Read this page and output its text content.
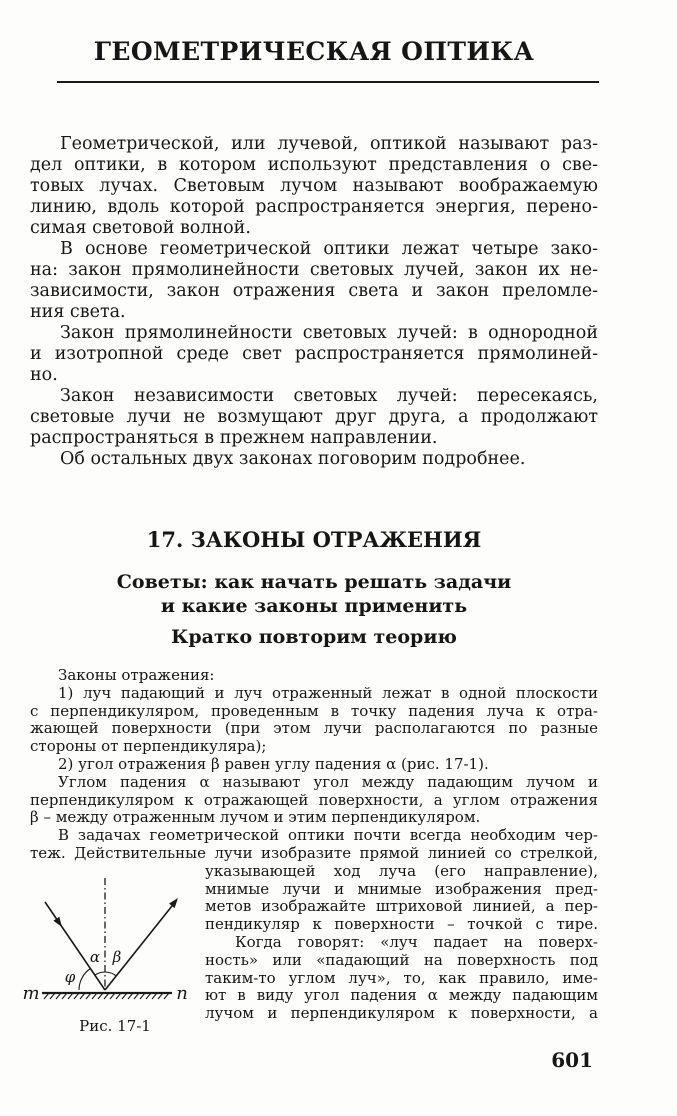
ГЕОМЕТРИЧЕСКАЯ ОПТИКА
Геометрической, или лучевой, оптикой называют раз-
дел оптики, в котором используют представления о све-
товых лучах. Световым лучом называют воображаемую
линию, вдоль которой распространяется энергия, перено-
симая световой волной.
В основе геометрической оптики лежат четыре зако-
на: закон прямолинейности световых лучей, закон их не-
зависимости, закон отражения света и закон преломле-
ния света.
Закон прямолинейности световых лучей: в однородной
и изотропной среде свет распространяется прямолиней-
но.
Закон независимости световых лучей: пересекаясь,
световые лучи не возмущают друг друга, а продолжают
распространяться в прежнем направлении.
Об остальных двух законах поговорим подробнее.
17. ЗАКОНЫ ОТРАЖЕНИЯ
Советы: как начать решать задачи
и какие законы применить
Кратко повторим теорию
Законы отражения:
1) луч падающий и луч отраженный лежат в одной плоскости
с перпендикуляром, проведенным в точку падения луча к отра-
жающей поверхности (при этом лучи располагаются по разные
стороны от перпендикуляра);
2) угол отражения β равен углу падения α (рис. 17-1).
Углом падения α называют угол между падающим лучом и
перпендикуляром к отражающей поверхности, а углом отражения
β – между отраженным лучом и этим перпендикуляром.
В задачах геометрической оптики почти всегда необходим чер-
теж. Действительные лучи изобразите прямой линией со стрелкой,
указывающей ход луча (его направление),
мнимые лучи и мнимые изображения пред-
метов изображайте штриховой линией, а пер-
пендикуляр к поверхности – точкой с тире.
Когда говорят: «луч падает на поверх-
ность» или «падающий на поверхность под
таким-то углом луч», то, как правило, име-
ют в виду угол падения α между падающим
лучом и перпендикуляром к поверхности, а
α β
φ
m	n
Рис. 17-1
601
